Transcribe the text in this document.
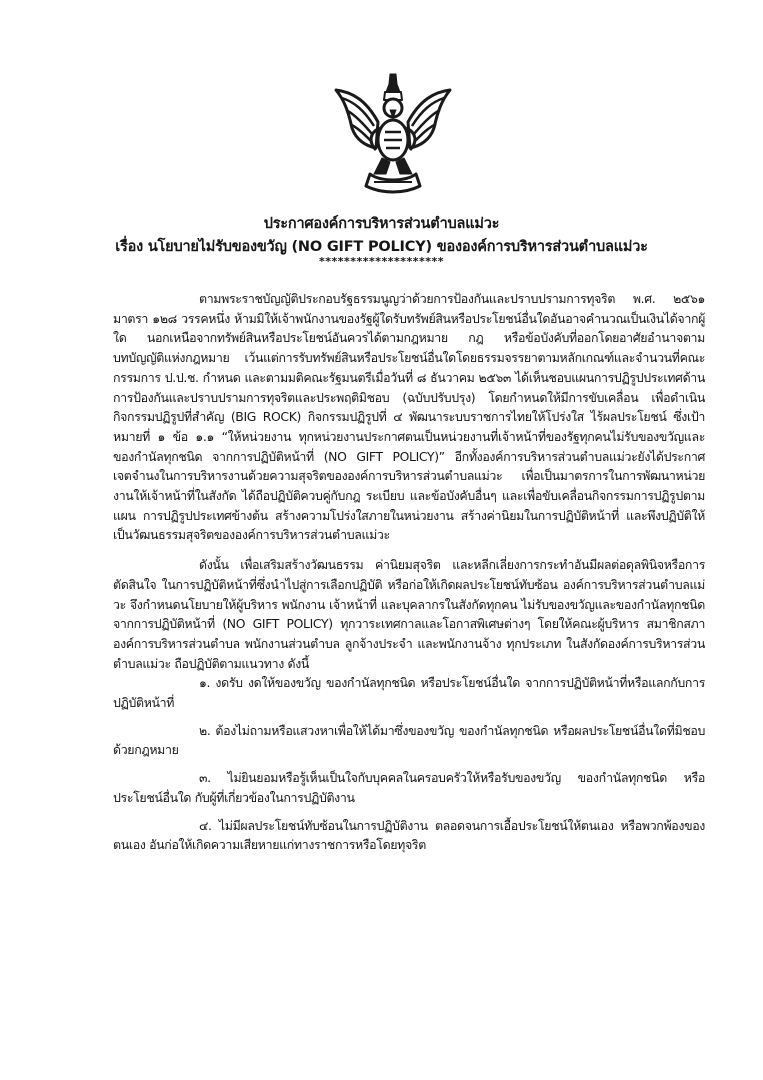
ประกาศองค์การบริหารส่วนตำบลแม่วะ
เรื่อง นโยบายไม่รับของขวัญ (NO GIFT POLICY) ขององค์การบริหารส่วนตำบลแม่วะ
********************

ตามพระราชบัญญัติประกอบรัฐธรรมนูญว่าด้วยการป้องกันและปราบปรามการทุจริต พ.ศ. ๒๕๖๑ มาตรา ๑๒๘ วรรคหนึ่ง ห้ามมิให้เจ้าพนักงานของรัฐผู้ใดรับทรัพย์สินหรือประโยชน์อื่นใดอันอาจคำนวณเป็นเงินได้จากผู้ใด นอกเหนือจากทรัพย์สินหรือประโยชน์อันควรได้ตามกฎหมาย กฎ หรือข้อบังคับที่ออกโดยอาศัยอำนาจตามบทบัญญัติแห่งกฎหมาย เว้นแต่การรับทรัพย์สินหรือประโยชน์อื่นใดโดยธรรมจรรยาตามหลักเกณฑ์และจำนวนที่คณะกรรมการ ป.ป.ช. กำหนด และตามมติคณะรัฐมนตรีเมื่อวันที่ ๘ ธันวาคม ๒๕๖๓ ได้เห็นชอบแผนการปฏิรูปประเทศด้านการป้องกันและปราบปรามการทุจริตและประพฤติมิชอบ (ฉบับปรับปรุง) โดยกำหนดให้มีการขับเคลื่อน เพื่อดำเนินกิจกรรมปฏิรูปที่สำคัญ (BIG ROCK) กิจกรรมปฏิรูปที่ ๔ พัฒนาระบบราชการไทยให้โปร่งใส ไร้ผลประโยชน์ ซึ่งเป้าหมายที่ ๑ ข้อ ๑.๑ “ให้หน่วยงาน ทุกหน่วยงานประกาศตนเป็นหน่วยงานที่เจ้าหน้าที่ของรัฐทุกคนไม่รับของขวัญและของกำนัลทุกชนิด จากการปฏิบัติหน้าที่ (NO GIFT POLICY)” อีกทั้งองค์การบริหารส่วนตำบลแม่วะยังได้ประกาศเจตจำนงในการบริหารงานด้วยความสุจริตขององค์การบริหารส่วนตำบลแม่วะ เพื่อเป็นมาตรการในการพัฒนาหน่วยงานให้เจ้าหน้าที่ในสังกัด ได้ถือปฏิบัติควบคู่กับกฎ ระเบียบ และข้อบังคับอื่นๆ และเพื่อขับเคลื่อนกิจกรรมการปฏิรูปตามแผน การปฏิรูปประเทศข้างต้น สร้างความโปร่งใสภายในหน่วยงาน สร้างค่านิยมในการปฏิบัติหน้าที่ และพึงปฏิบัติให้เป็นวัฒนธรรมสุจริตขององค์การบริหารส่วนตำบลแม่วะ

ดังนั้น เพื่อเสริมสร้างวัฒนธรรม ค่านิยมสุจริต และหลีกเลี่ยงการกระทำอันมีผลต่อดุลพินิจหรือการตัดสินใจ ในการปฏิบัติหน้าที่ซึ่งนำไปสู่การเลือกปฏิบัติ หรือก่อให้เกิดผลประโยชน์ทับซ้อน องค์การบริหารส่วนตำบลแม่วะ จึงกำหนดนโยบายให้ผู้บริหาร พนักงาน เจ้าหน้าที่ และบุคลากรในสังกัดทุกคน ไม่รับของขวัญและของกำนัลทุกชนิดจากการปฏิบัติหน้าที่ (NO GIFT POLICY) ทุกวาระเทศกาลและโอกาสพิเศษต่างๆ โดยให้คณะผู้บริหาร สมาชิกสภาองค์การบริหารส่วนตำบล พนักงานส่วนตำบล ลูกจ้างประจำ และพนักงานจ้าง ทุกประเภท ในสังกัดองค์การบริหารส่วนตำบลแม่วะ ถือปฏิบัติตามแนวทาง ดังนี้

๑. งดรับ งดให้ของขวัญ ของกำนัลทุกชนิด หรือประโยชน์อื่นใด จากการปฏิบัติหน้าที่หรือแลกกับการปฏิบัติหน้าที่

๒. ต้องไม่ถามหรือแสวงหาเพื่อให้ได้มาซึ่งของขวัญ ของกำนัลทุกชนิด หรือผลประโยชน์อื่นใดที่มิชอบด้วยกฎหมาย

๓. ไม่ยินยอมหรือรู้เห็นเป็นใจกับบุคคลในครอบครัวให้หรือรับของขวัญ ของกำนัลทุกชนิด หรือประโยชน์อื่นใด กับผู้ที่เกี่ยวข้องในการปฏิบัติงาน

๔. ไม่มีผลประโยชน์ทับซ้อนในการปฏิบัติงาน ตลอดจนการเอื้อประโยชน์ให้ตนเอง หรือพวกพ้องของตนเอง อันก่อให้เกิดความเสียหายแก่ทางราชการหรือโดยทุจริต
